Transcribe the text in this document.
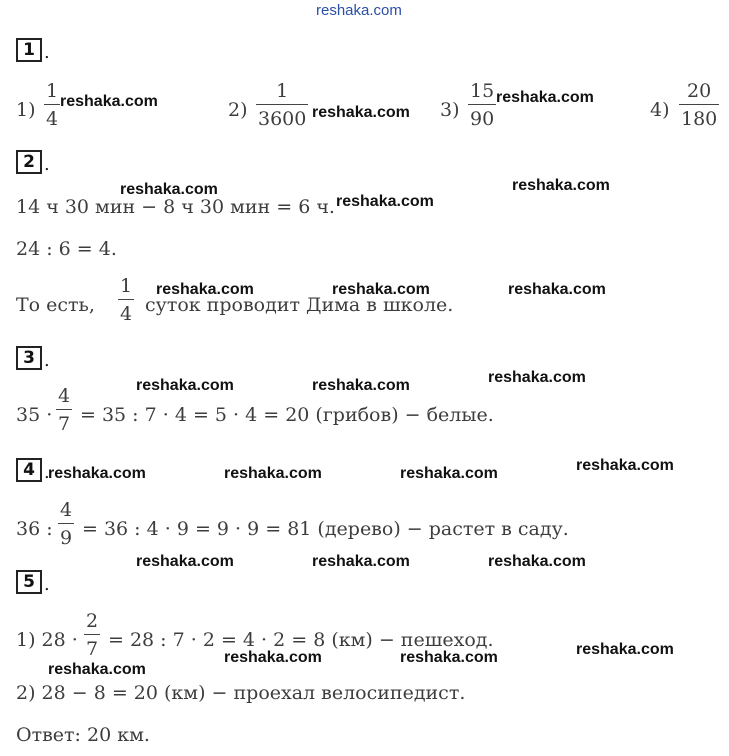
reshaka.com
1 .
1)
1
4	2)
1
3600	3)
15
90	4)
20
180
2 .
14 ч 30 мин − 8 ч 30 мин = 6 ч.
24 : 6 = 4.
То есть,
1
4 суток проводит Дима в школе.
3 .
35 ·
4
7 = 35 : 7 · 4 = 5 · 4 = 20 (грибов) − белые.
4 .
36 :
4
9 = 36 : 4 · 9 = 9 · 9 = 81 (дерево) − растет в саду.
5 .
1) 28 ·
2
7 = 28 : 7 · 2 = 4 · 2 = 8 (км) − пешеход.
2) 28 − 8 = 20 (км) − проехал велосипедист.
Ответ: 20 км.
reshaka.com
reshaka.com
reshaka.com
reshaka.com	reshaka.com
reshaka.com
reshaka.com	reshaka.com	reshaka.com
reshaka.com	reshaka.com	reshaka.com
reshaka.com	reshaka.com	reshaka.com	reshaka.com
reshaka.com	reshaka.com	reshaka.com
reshaka.com
reshaka.com	reshaka.com	reshaka.com
